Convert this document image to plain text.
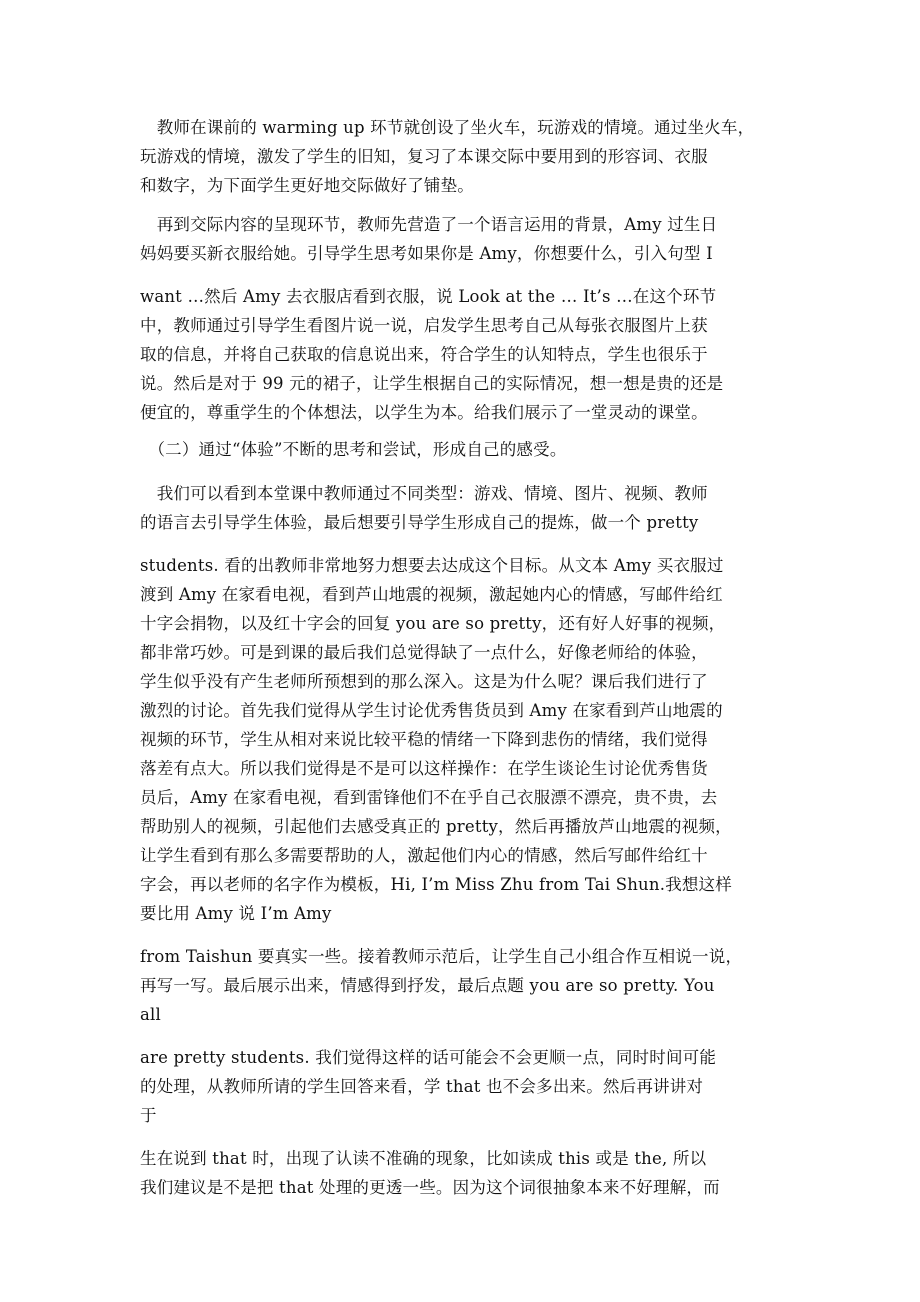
　教师在课前的 warming up 环节就创设了坐火车，玩游戏的情境。通过坐火车，
玩游戏的情境，激发了学生的旧知，复习了本课交际中要用到的形容词、衣服
和数字，为下面学生更好地交际做好了铺垫。
　再到交际内容的呈现环节，教师先营造了一个语言运用的背景，Amy 过生日
妈妈要买新衣服给她。引导学生思考如果你是 Amy，你想要什么，引入句型 I
want …然后 Amy 去衣服店看到衣服，说 Look at the … It’s …在这个环节
中，教师通过引导学生看图片说一说，启发学生思考自己从每张衣服图片上获
取的信息，并将自己获取的信息说出来，符合学生的认知特点，学生也很乐于
说。然后是对于 99 元的裙子，让学生根据自己的实际情况，想一想是贵的还是
便宜的，尊重学生的个体想法，以学生为本。给我们展示了一堂灵动的课堂。
　（二）通过“体验”不断的思考和尝试，形成自己的感受。
　我们可以看到本堂课中教师通过不同类型：游戏、情境、图片、视频、教师
的语言去引导学生体验，最后想要引导学生形成自己的提炼，做一个 pretty
students. 看的出教师非常地努力想要去达成这个目标。从文本 Amy 买衣服过
渡到 Amy 在家看电视，看到芦山地震的视频，激起她内心的情感，写邮件给红
十字会捐物，以及红十字会的回复 you are so pretty，还有好人好事的视频，
都非常巧妙。可是到课的最后我们总觉得缺了一点什么，好像老师给的体验，
学生似乎没有产生老师所预想到的那么深入。这是为什么呢？课后我们进行了
激烈的讨论。首先我们觉得从学生讨论优秀售货员到 Amy 在家看到芦山地震的
视频的环节，学生从相对来说比较平稳的情绪一下降到悲伤的情绪，我们觉得
落差有点大。所以我们觉得是不是可以这样操作：在学生谈论生讨论优秀售货
员后，Amy 在家看电视，看到雷锋他们不在乎自己衣服漂不漂亮，贵不贵，去
帮助别人的视频，引起他们去感受真正的 pretty，然后再播放芦山地震的视频，
让学生看到有那么多需要帮助的人，激起他们内心的情感，然后写邮件给红十
字会，再以老师的名字作为模板，Hi, I’m Miss Zhu from Tai Shun.我想这样
要比用 Amy 说 I’m Amy
from Taishun 要真实一些。接着教师示范后，让学生自己小组合作互相说一说，
再写一写。最后展示出来，情感得到抒发，最后点题 you are so pretty. You
all
are pretty students. 我们觉得这样的话可能会不会更顺一点，同时时间可能
的处理，从教师所请的学生回答来看，学 that 也不会多出来。然后再讲讲对
于
生在说到 that 时，出现了认读不准确的现象，比如读成 this 或是 the, 所以
我们建议是不是把 that 处理的更透一些。因为这个词很抽象本来不好理解，而
